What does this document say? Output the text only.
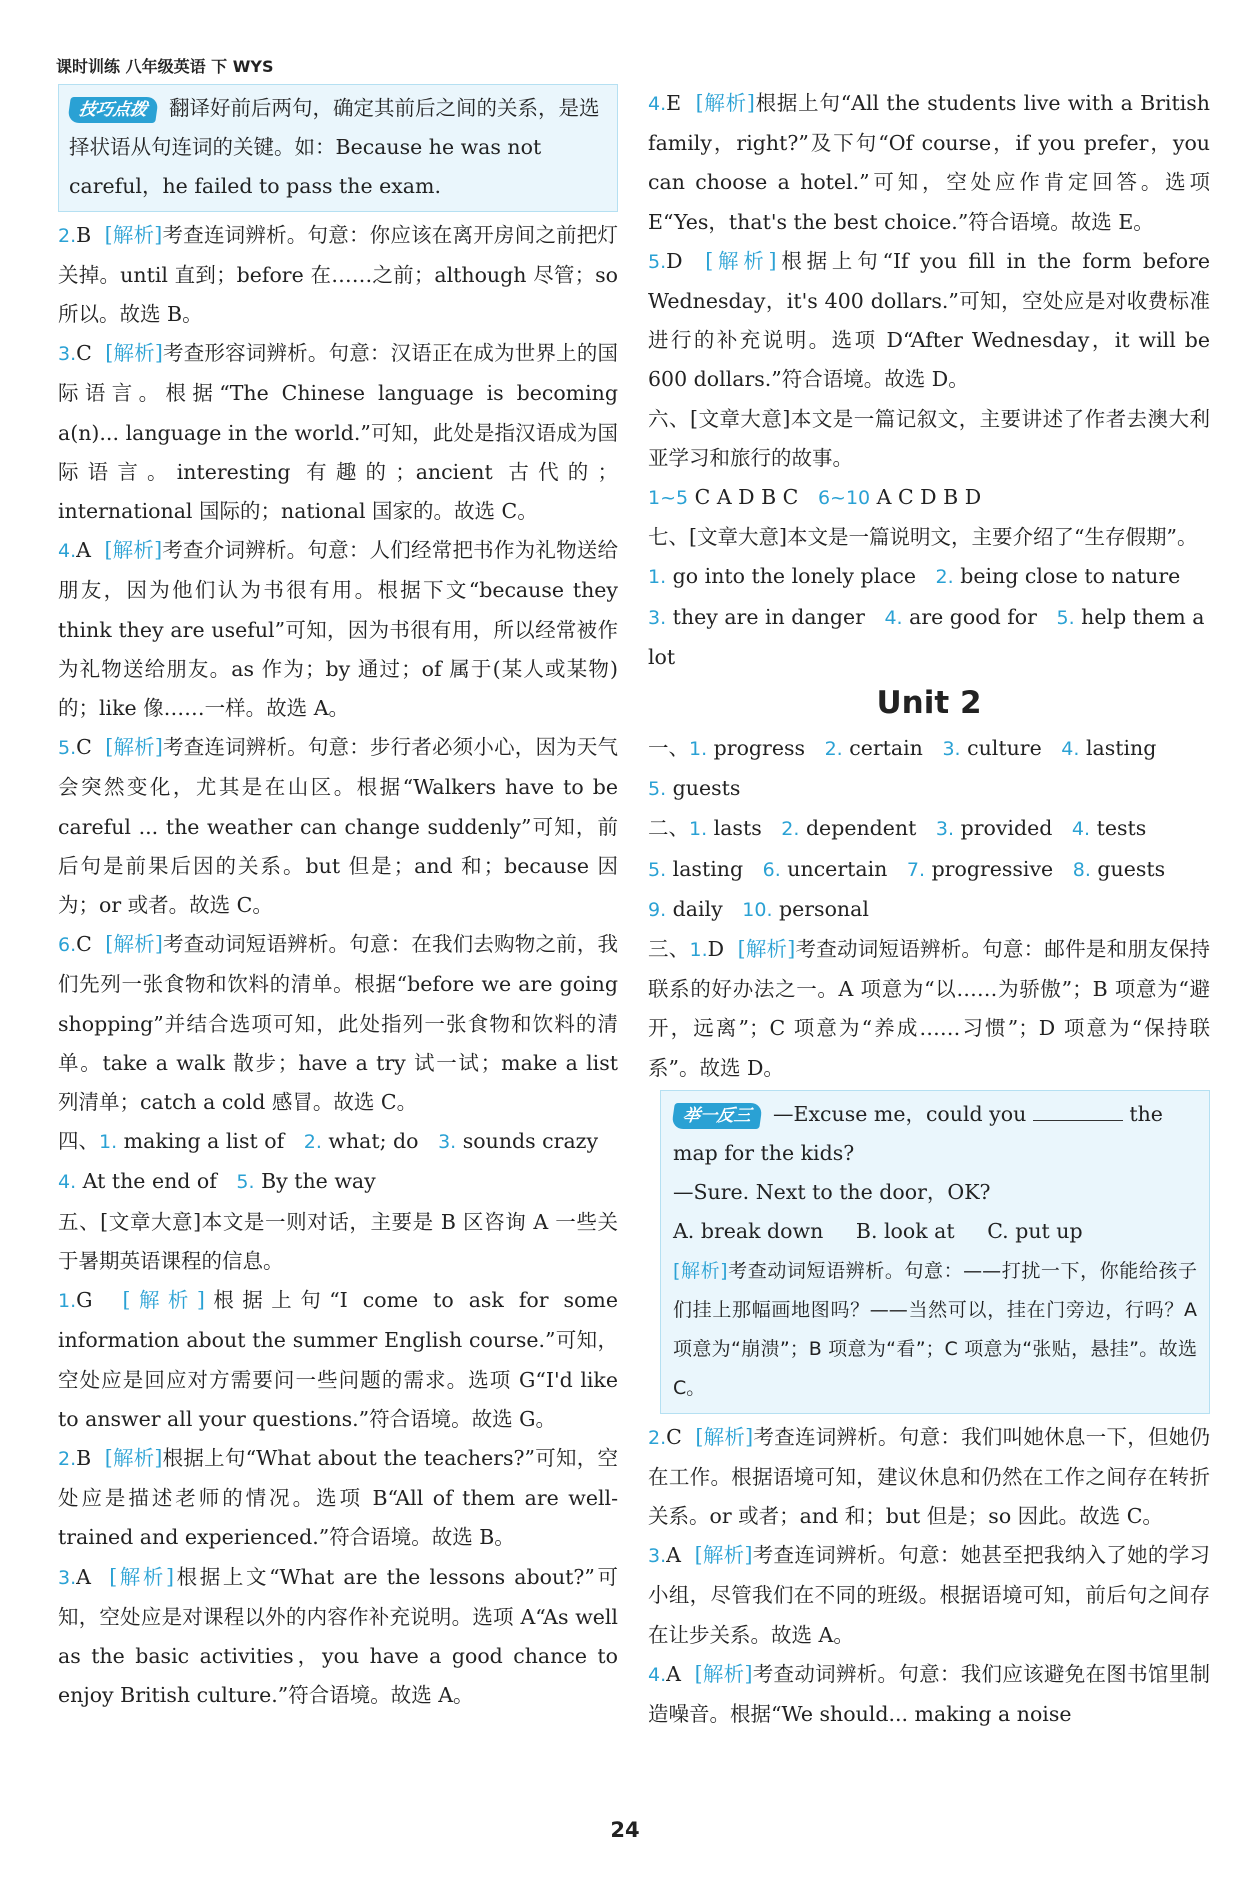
课时训练 八年级英语 下 WYS
技巧点拨 翻译好前后两句，确定其前后之间的关系，是选择状语从句连词的关键。如：Because he was not careful，he failed to pass the exam.

2.B  [解析]考查连词辨析。句意：你应该在离开房间之前把灯关掉。until 直到；before 在……之前；although 尽管；so 所以。故选 B。

3.C  [解析]考查形容词辨析。句意：汉语正在成为世界上的国际语言。根据“The Chinese language is becoming a(n)... language in the world.”可知，此处是指汉语成为国际语言。interesting 有趣的；ancient 古代的；international 国际的；national 国家的。故选 C。

4.A  [解析]考查介词辨析。句意：人们经常把书作为礼物送给朋友，因为他们认为书很有用。根据下文“because they think they are useful”可知，因为书很有用，所以经常被作为礼物送给朋友。as 作为；by 通过；of 属于(某人或某物)的；like 像……一样。故选 A。

5.C  [解析]考查连词辨析。句意：步行者必须小心，因为天气会突然变化，尤其是在山区。根据“Walkers have to be careful ... the weather can change suddenly”可知，前后句是前果后因的关系。but 但是；and 和；because 因为；or 或者。故选 C。

6.C  [解析]考查动词短语辨析。句意：在我们去购物之前，我们先列一张食物和饮料的清单。根据“before we are going shopping”并结合选项可知，此处指列一张食物和饮料的清单。take a walk 散步；have a try 试一试；make a list 列清单；catch a cold 感冒。故选 C。

四、1. making a list of 2. what; do 3. sounds crazy

4. At the end of 5. By the way

五、[文章大意]本文是一则对话，主要是 B 区咨询 A 一些关于暑期英语课程的信息。

1.G  [解析]根据上句“I come to ask for some information about the summer English course.”可知，空处应是回应对方需要问一些问题的需求。选项 G“I'd like to answer all your questions.”符合语境。故选 G。

2.B  [解析]根据上句“What about the teachers?”可知，空处应是描述老师的情况。选项 B“All of them are well-trained and experienced.”符合语境。故选 B。

3.A  [解析]根据上文“What are the lessons about?”可知，空处应是对课程以外的内容作补充说明。选项 A“As well as the basic activities，you have a good chance to enjoy British culture.”符合语境。故选 A。

4.E  [解析]根据上句“All the students live with a British family，right?”及下句“Of course，if you prefer，you can choose a hotel.”可知，空处应作肯定回答。选项 E“Yes，that's the best choice.”符合语境。故选 E。

5.D  [解析]根据上句“If you fill in the form before Wednesday，it's 400 dollars.”可知，空处应是对收费标准进行的补充说明。选项 D“After Wednesday，it will be 600 dollars.”符合语境。故选 D。

六、[文章大意]本文是一篇记叙文，主要讲述了作者去澳大利亚学习和旅行的故事。

1~5 C A D B C 6~10 A C D B D

七、[文章大意]本文是一篇说明文，主要介绍了“生存假期”。

1. go into the lonely place 2. being close to nature

3. they are in danger 4. are good for 5. help them a lot

Unit 2

一、1. progress 2. certain 3. culture 4. lasting

5. guests

二、1. lasts 2. dependent 3. provided 4. tests

5. lasting 6. uncertain 7. progressive 8. guests

9. daily 10. personal

三、1.D  [解析]考查动词短语辨析。句意：邮件是和朋友保持联系的好办法之一。A 项意为“以……为骄傲”；B 项意为“避开，远离”；C 项意为“养成……习惯”；D 项意为“保持联系”。故选 D。

举一反三 —Excuse me，could you	the map for the kids?
—Sure. Next to the door，OK?
A. break down B. look at C. put up
[解析]考查动词短语辨析。句意：——打扰一下，你能给孩子们挂上那幅画地图吗？——当然可以，挂在门旁边，行吗？A 项意为“崩溃”；B 项意为“看”；C 项意为“张贴，悬挂”。故选 C。

2.C  [解析]考查连词辨析。句意：我们叫她休息一下，但她仍在工作。根据语境可知，建议休息和仍然在工作之间存在转折关系。or 或者；and 和；but 但是；so 因此。故选 C。

3.A  [解析]考查连词辨析。句意：她甚至把我纳入了她的学习小组，尽管我们在不同的班级。根据语境可知，前后句之间存在让步关系。故选 A。

4.A  [解析]考查动词辨析。句意：我们应该避免在图书馆里制造噪音。根据“We should... making a noise

24
